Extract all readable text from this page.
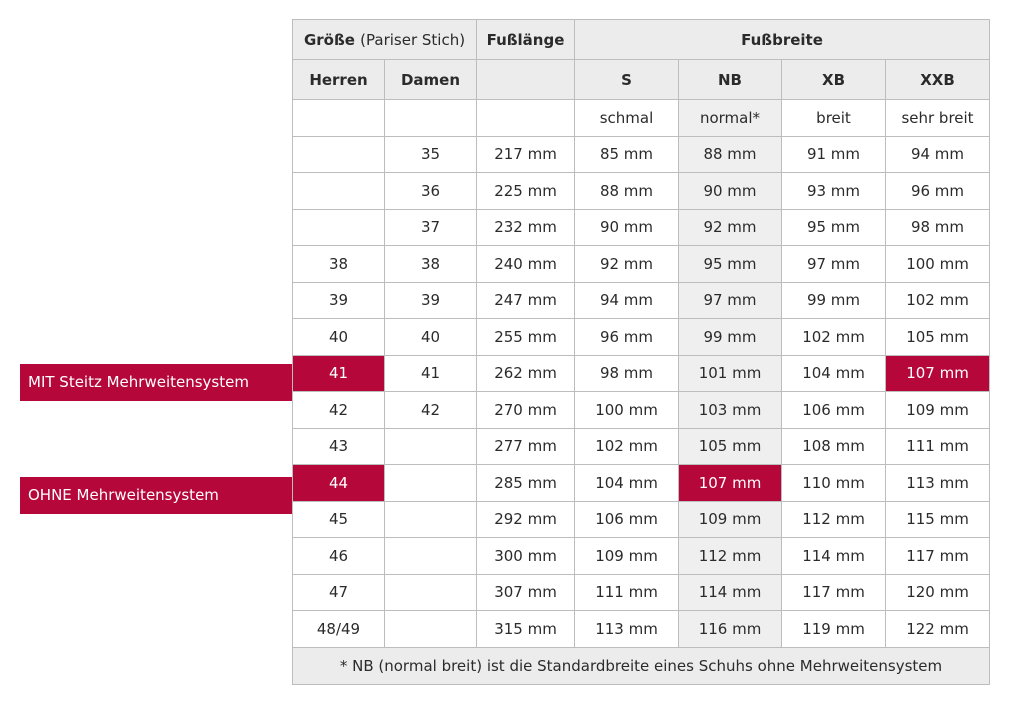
Größe (Pariser Stich)		Fußlänge	Fußbreite			
Herren	Damen		S	NB	XB	XXB
			schmal	normal*	breit	sehr breit
	35	217 mm	85 mm	88 mm	91 mm	94 mm
	36	225 mm	88 mm	90 mm	93 mm	96 mm
	37	232 mm	90 mm	92 mm	95 mm	98 mm
38	38	240 mm	92 mm	95 mm	97 mm	100 mm
39	39	247 mm	94 mm	97 mm	99 mm	102 mm
40	40	255 mm	96 mm	99 mm	102 mm	105 mm
41	41	262 mm	98 mm	101 mm	104 mm	107 mm
42	42	270 mm	100 mm	103 mm	106 mm	109 mm
43		277 mm	102 mm	105 mm	108 mm	111 mm
44		285 mm	104 mm	107 mm	110 mm	113 mm
45		292 mm	106 mm	109 mm	112 mm	115 mm
46		300 mm	109 mm	112 mm	114 mm	117 mm
47		307 mm	111 mm	114 mm	117 mm	120 mm
48/49		315 mm	113 mm	116 mm	119 mm	122 mm
* NB (normal breit) ist die Standardbreite eines Schuhs ohne Mehrweitensystem						
MIT Steitz Mehrweitensystem
OHNE Mehrweitensystem
